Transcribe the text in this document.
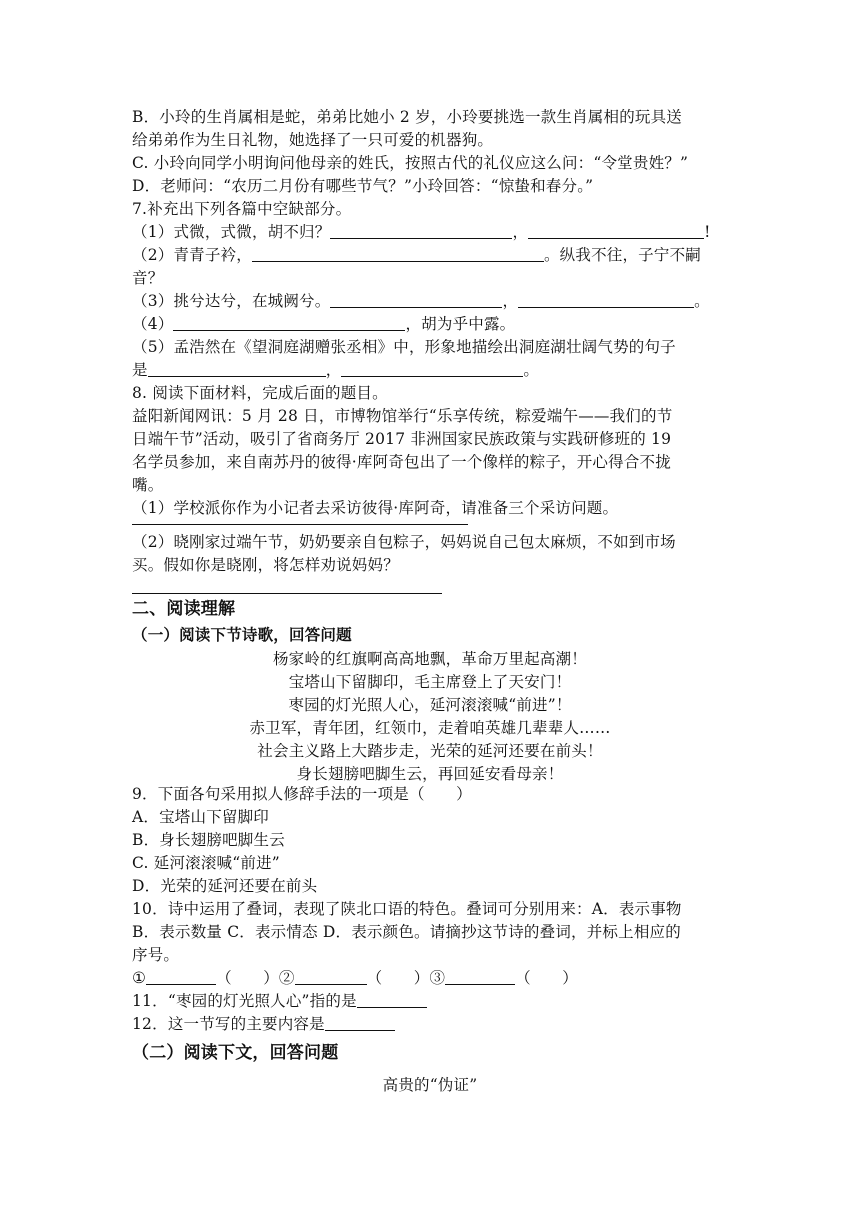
B．小玲的生肖属相是蛇，弟弟比她小 2 岁，小玲要挑选一款生肖属相的玩具送
给弟弟作为生日礼物，她选择了一只可爱的机器狗。
C. 小玲向同学小明询问他母亲的姓氏，按照古代的礼仪应这么问：“令堂贵姓？”
D．老师问：“农历二月份有哪些节气？”小玲回答：“惊蛰和春分。”
7.补充出下列各篇中空缺部分。
（1）式微，式微，胡不归？	，	!
（2）青青子衿，	。纵我不往，子宁不嗣
音？
（3）挑兮达兮，在城阙兮。	，	。
（4）	，胡为乎中露。
（5）孟浩然在《望洞庭湖赠张丞相》中，形象地描绘出洞庭湖壮阔气势的句子
是	，	。
8. 阅读下面材料，完成后面的题目。
益阳新闻网讯：5 月 28 日，市博物馆举行“乐享传统，粽爱端午——我们的节
日端午节”活动，吸引了省商务厅 2017 非洲国家民族政策与实践研修班的 19
名学员参加，来自南苏丹的彼得·库阿奇包出了一个像样的粽子，开心得合不拢
嘴。
（1）学校派你作为小记者去采访彼得·库阿奇，请准备三个采访问题。
（2）晓刚家过端午节，奶奶要亲自包粽子，妈妈说自己包太麻烦，不如到市场
买。假如你是晓刚，将怎样劝说妈妈？
二、阅读理解
（一）阅读下节诗歌，回答问题
杨家岭的红旗啊高高地飘，革命万里起高潮！
宝塔山下留脚印，毛主席登上了天安门！
枣园的灯光照人心，延河滚滚喊“前进”！
赤卫军，青年团，红领巾，走着咱英雄几辈辈人……
社会主义路上大踏步走，光荣的延河还要在前头！
身长翅膀吧脚生云，再回延安看母亲！
9．下面各句采用拟人修辞手法的一项是（　　）
A．宝塔山下留脚印
B．身长翅膀吧脚生云
C. 延河滚滚喊“前进”
D．光荣的延河还要在前头
10．诗中运用了叠词，表现了陕北口语的特色。叠词可分别用来：A．表示事物
B．表示数量 C．表示情态 D．表示颜色。请摘抄这节诗的叠词，并标上相应的
序号。
①	（　　）②	（　　）③	（　　）
11．“枣园的灯光照人心”指的是
12．这一节写的主要内容是
（二）阅读下文，回答问题
高贵的“伪证”
